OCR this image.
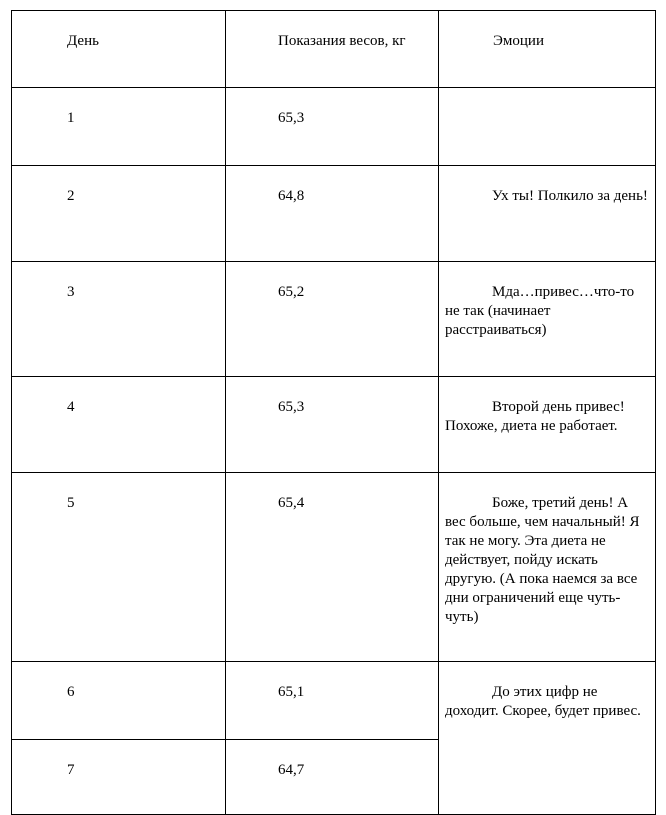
День	Показания весов, кг	Эмоции
1	65,3	
2	64,8	Ух ты! Полкило за день!
3	65,2	Мда…привес…что-то не так (начинает расстраиваться)
4	65,3	Второй день привес! Похоже, диета не работает.
5	65,4	Боже, третий день! А вес больше, чем начальный! Я так не могу. Эта диета не действует, пойду искать другую. (А пока наемся за все дни ограничений еще чуть-чуть)
6	65,1	До этих цифр не доходит. Скорее, будет привес.
7	64,7	
